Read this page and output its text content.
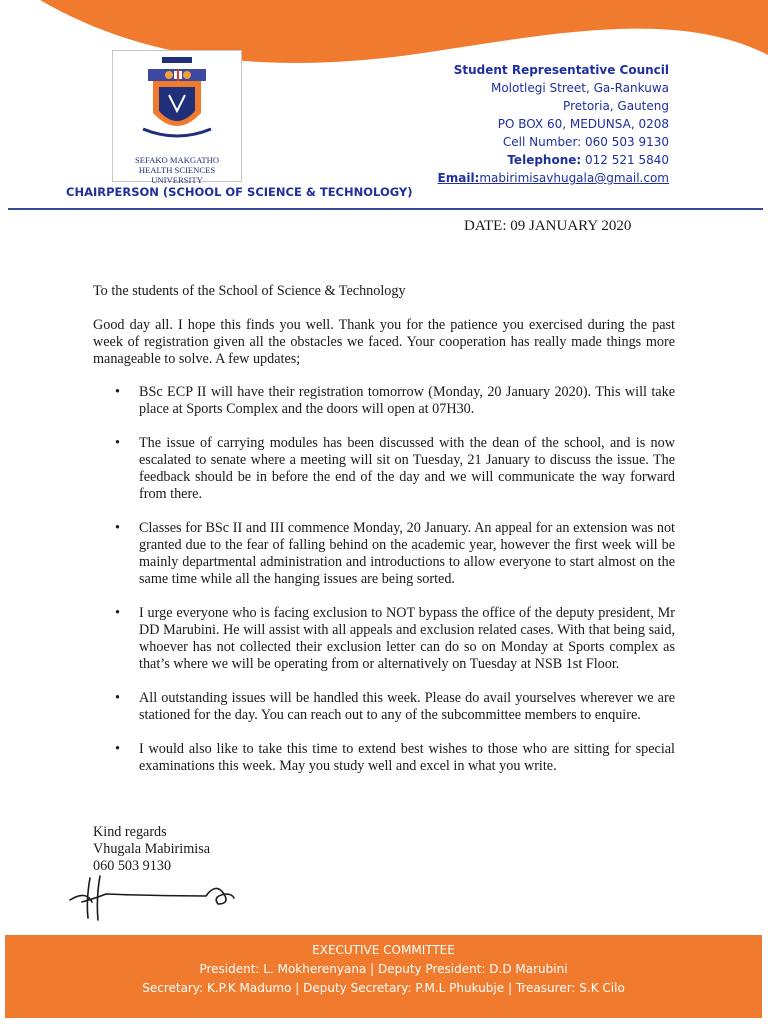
SEFAKO MAKGATHO
HEALTH SCIENCES UNIVERSITY
Student Representative Council
Molotlegi Street, Ga-Rankuwa
Pretoria, Gauteng
PO BOX 60, MEDUNSA, 0208
Cell Number: 060 503 9130
Telephone: 012 521 5840
Email:mabirimisavhugala@gmail.com
CHAIRPERSON (SCHOOL OF SCIENCE & TECHNOLOGY)
DATE: 09 JANUARY 2020
To the students of the School of Science & Technology
Good day all. I hope this finds you well. Thank you for the patience you exercised during the past week of registration given all the obstacles we faced. Your cooperation has really made things more manageable to solve. A few updates;
• BSc ECP II will have their registration tomorrow (Monday, 20 January 2020). This will take place at Sports Complex and the doors will open at 07H30.
• The issue of carrying modules has been discussed with the dean of the school, and is now escalated to senate where a meeting will sit on Tuesday, 21 January to discuss the issue. The feedback should be in before the end of the day and we will communicate the way forward from there.
• Classes for BSc II and III commence Monday, 20 January. An appeal for an extension was not granted due to the fear of falling behind on the academic year, however the first week will be mainly departmental administration and introductions to allow everyone to start almost on the same time while all the hanging issues are being sorted.
• I urge everyone who is facing exclusion to NOT bypass the office of the deputy president, Mr DD Marubini. He will assist with all appeals and exclusion related cases. With that being said, whoever has not collected their exclusion letter can do so on Monday at Sports complex as that’s where we will be operating from or alternatively on Tuesday at NSB 1st Floor.
• All outstanding issues will be handled this week. Please do avail yourselves wherever we are stationed for the day. You can reach out to any of the subcommittee members to enquire.
• I would also like to take this time to extend best wishes to those who are sitting for special examinations this week. May you study well and excel in what you write.
Kind regards
Vhugala Mabirimisa
060 503 9130
EXECUTIVE COMMITTEE
President: L. Mokherenyana | Deputy President: D.D Marubini
Secretary: K.P.K Madumo | Deputy Secretary: P.M.L Phukubje | Treasurer: S.K Cilo
